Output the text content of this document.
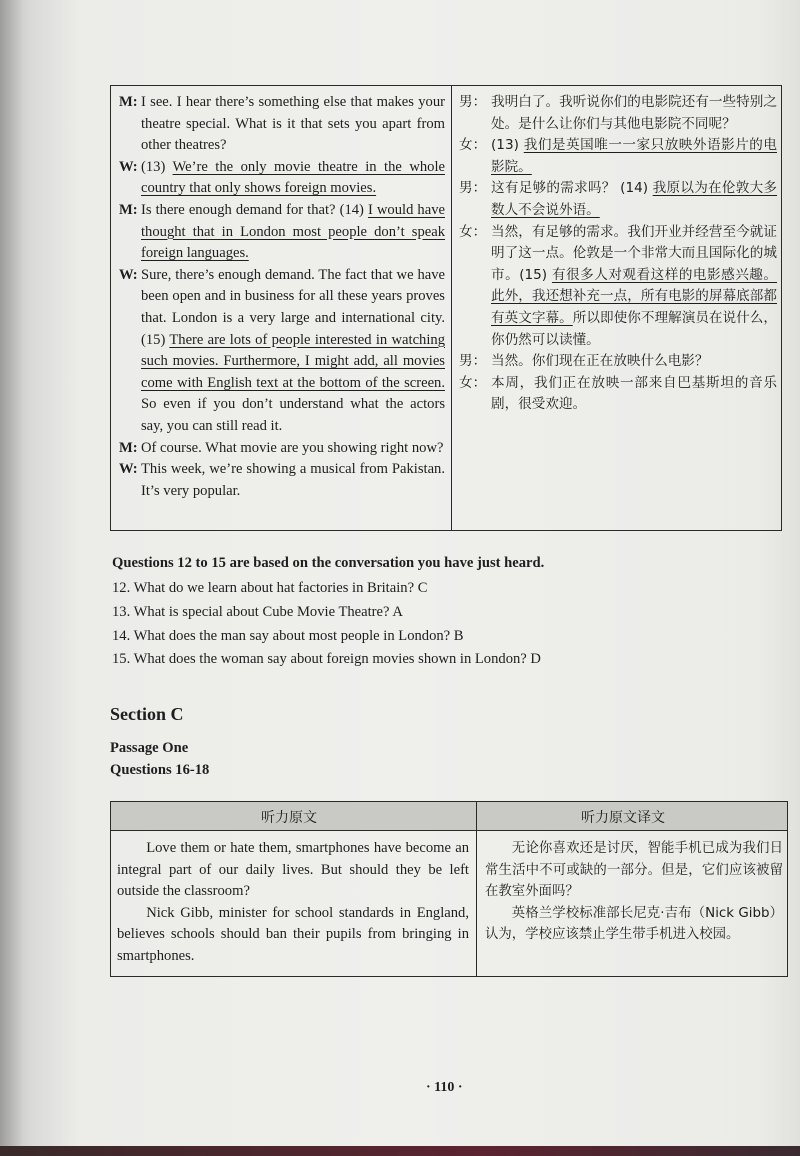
M: I see. I hear there’s something else that makes your theatre special. What is it that sets you apart from other theatres?
W: (13) We’re the only movie theatre in the whole country that only shows foreign movies.
M: Is there enough demand for that? (14) I would have thought that in London most people don’t speak foreign languages.
W: Sure, there’s enough demand. The fact that we have been open and in business for all these years proves that. London is a very large and international city. (15) There are lots of people interested in watching such movies. Furthermore, I might add, all movies come with English text at the bottom of the screen. So even if you don’t understand what the actors say, you can still read it.
M: Of course. What movie are you showing right now?
W: This week, we’re showing a musical from Pakistan. It’s very popular.
男： 我明白了。我听说你们的电影院还有一些特别之处。是什么让你们与其他电影院不同呢？
女： (13) 我们是英国唯一一家只放映外语影片的电影院。
男： 这有足够的需求吗？ (14) 我原以为在伦敦大多数人不会说外语。
女： 当然，有足够的需求。我们开业并经营至今就证明了这一点。伦敦是一个非常大而且国际化的城市。(15) 有很多人对观看这样的电影感兴趣。此外，我还想补充一点，所有电影的屏幕底部都有英文字幕。所以即使你不理解演员在说什么，你仍然可以读懂。
男： 当然。你们现在正在放映什么电影？
女： 本周，我们正在放映一部来自巴基斯坦的音乐剧，很受欢迎。
Questions 12 to 15 are based on the conversation you have just heard.
12. What do we learn about hat factories in Britain? C
13. What is special about Cube Movie Theatre? A
14. What does the man say about most people in London? B
15. What does the woman say about foreign movies shown in London? D
Section C
Passage One
Questions 16-18
听力原文	听力原文译文
Love them or hate them, smartphones have become an integral part of our daily lives. But should they be left outside the classroom?
Nick Gibb, minister for school standards in England, believes schools should ban their pupils from bringing in smartphones.
无论你喜欢还是讨厌，智能手机已成为我们日常生活中不可或缺的一部分。但是，它们应该被留在教室外面吗？
英格兰学校标准部长尼克·吉布（Nick Gibb）认为，学校应该禁止学生带手机进入校园。
· 110 ·
